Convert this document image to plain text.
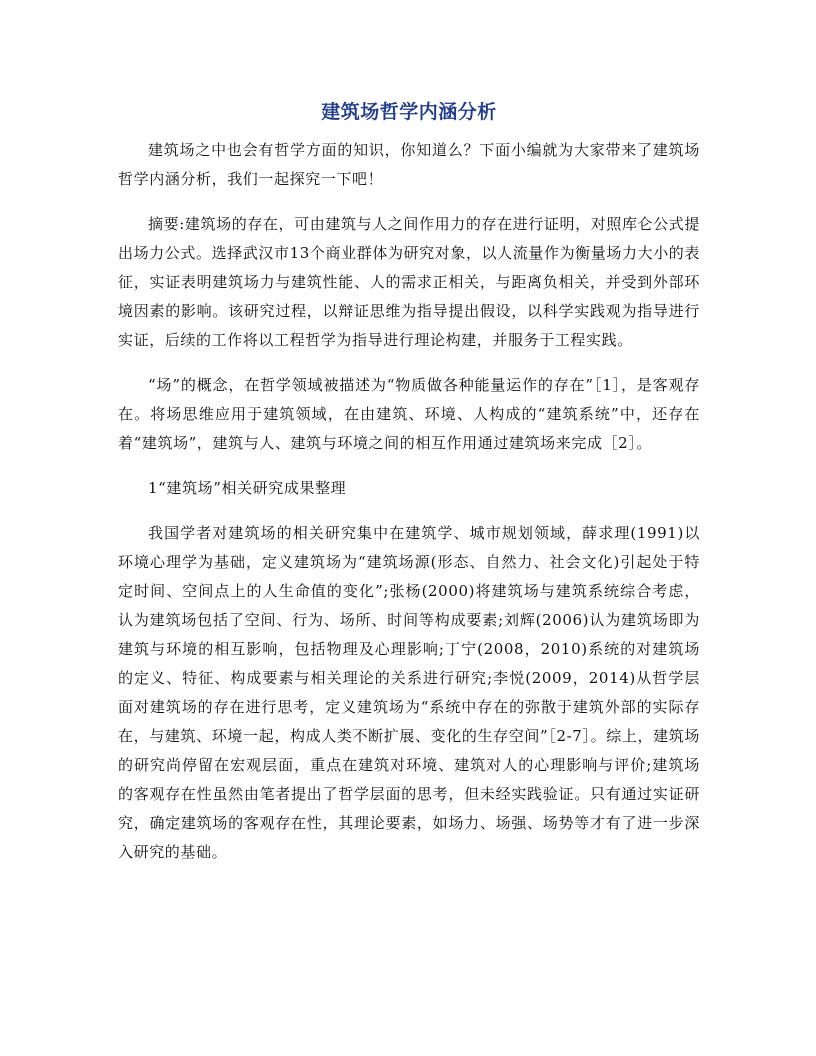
建筑场哲学内涵分析

建筑场之中也会有哲学方面的知识，你知道么？下面小编就为大家带来了建筑场哲学内涵分析，我们一起探究一下吧！

摘要:建筑场的存在，可由建筑与人之间作用力的存在进行证明，对照库仑公式提出场力公式。选择武汉市13个商业群体为研究对象，以人流量作为衡量场力大小的表征，实证表明建筑场力与建筑性能、人的需求正相关，与距离负相关，并受到外部环境因素的影响。该研究过程，以辩证思维为指导提出假设，以科学实践观为指导进行实证，后续的工作将以工程哲学为指导进行理论构建，并服务于工程实践。

“场”的概念，在哲学领域被描述为“物质做各种能量运作的存在”［1］，是客观存在。将场思维应用于建筑领域，在由建筑、环境、人构成的“建筑系统”中，还存在着“建筑场”，建筑与人、建筑与环境之间的相互作用通过建筑场来完成［2］。

1“建筑场”相关研究成果整理

我国学者对建筑场的相关研究集中在建筑学、城市规划领域，薛求理(1991)以环境心理学为基础，定义建筑场为“建筑场源(形态、自然力、社会文化)引起处于特定时间、空间点上的人生命值的变化”;张杨(2000)将建筑场与建筑系统综合考虑，认为建筑场包括了空间、行为、场所、时间等构成要素;刘辉(2006)认为建筑场即为建筑与环境的相互影响，包括物理及心理影响;丁宁(2008，2010)系统的对建筑场的定义、特征、构成要素与相关理论的关系进行研究;李悦(2009，2014)从哲学层面对建筑场的存在进行思考，定义建筑场为“系统中存在的弥散于建筑外部的实际存在，与建筑、环境一起，构成人类不断扩展、变化的生存空间”［2-7］。综上，建筑场的研究尚停留在宏观层面，重点在建筑对环境、建筑对人的心理影响与评价;建筑场的客观存在性虽然由笔者提出了哲学层面的思考，但未经实践验证。只有通过实证研究，确定建筑场的客观存在性，其理论要素，如场力、场强、场势等才有了进一步深入研究的基础。
